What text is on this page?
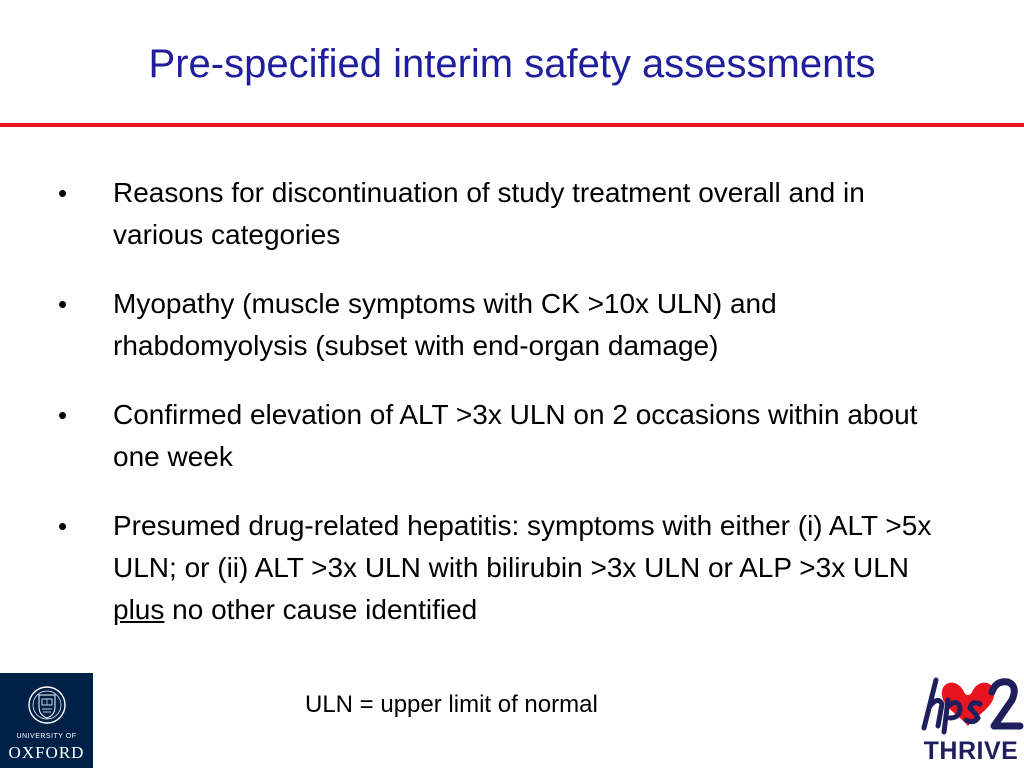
Pre-specified interim safety assessments
• Reasons for discontinuation of study treatment overall and in various categories
• Myopathy (muscle symptoms with CK >10x ULN) and rhabdomyolysis (subset with end-organ damage)
• Confirmed elevation of ALT >3x ULN on 2 occasions within about one week
• Presumed drug-related hepatitis: symptoms with either (i) ALT >5x ULN; or (ii) ALT >3x ULN with bilirubin >3x ULN or ALP >3x ULN plus no other cause identified
ULN = upper limit of normal
UNIVERSITY OF
OXFORD	THRIVE
